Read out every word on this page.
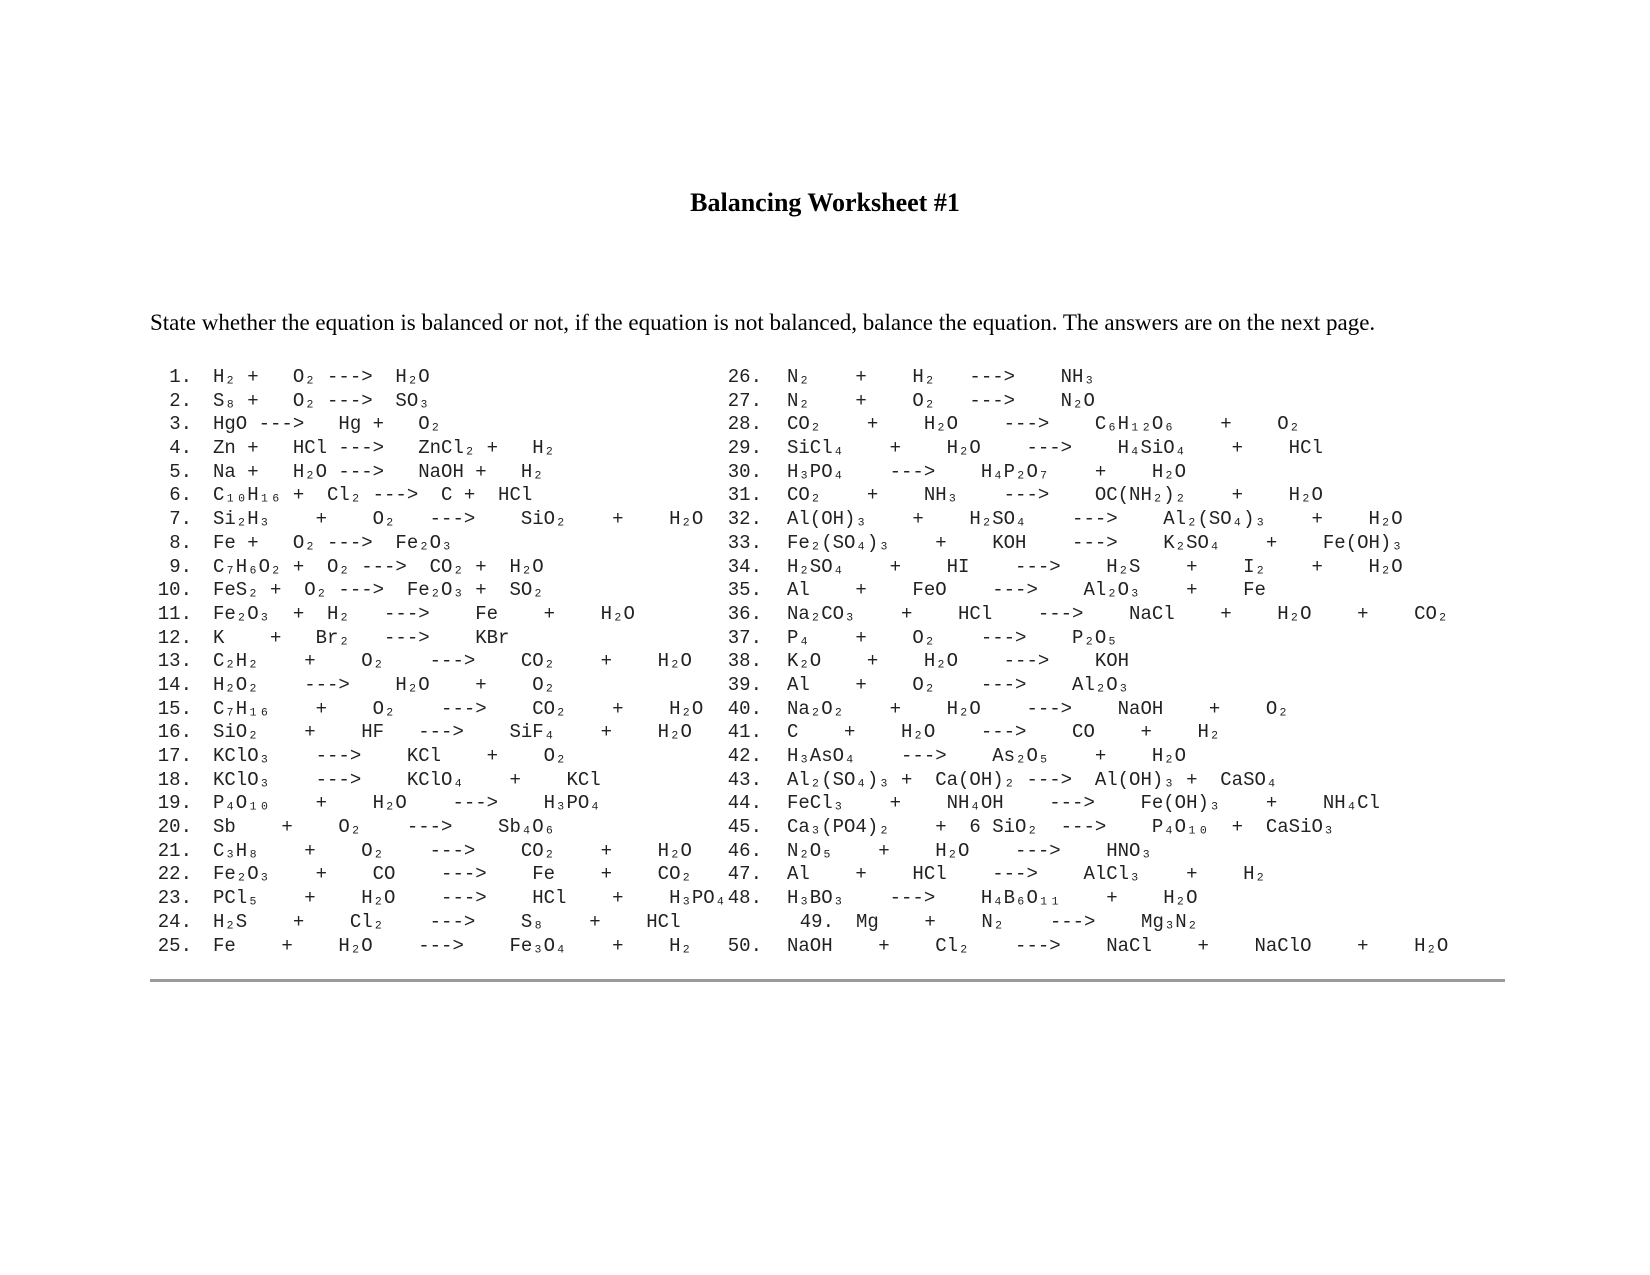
Balancing Worksheet #1
State whether the equation is balanced or not, if the equation is not balanced, balance the equation. The answers are on the next page.
1. H₂ +   O₂ --->  H₂O
2. S₈ +   O₂ --->  SO₃
3. HgO --->   Hg +   O₂
4. Zn +   HCl --->   ZnCl₂ +   H₂
5. Na +   H₂O --->   NaOH +   H₂
6. C₁₀H₁₆ +  Cl₂ --->  C +  HCl
7. Si₂H₃    +    O₂   --->    SiO₂    +    H₂O
8. Fe +   O₂ --->  Fe₂O₃
9. C₇H₆O₂ +  O₂ --->  CO₂ +  H₂O
10. FeS₂ +  O₂ --->  Fe₂O₃ +  SO₂
11. Fe₂O₃  +  H₂   --->    Fe    +    H₂O
12. K    +   Br₂   --->    KBr
13. C₂H₂    +    O₂    --->    CO₂    +    H₂O
14. H₂O₂    --->    H₂O    +    O₂
15. C₇H₁₆    +    O₂    --->    CO₂    +    H₂O
16. SiO₂    +    HF   --->    SiF₄    +    H₂O
17. KClO₃    --->    KCl    +    O₂
18. KClO₃    --->    KClO₄    +    KCl
19. P₄O₁₀    +    H₂O    --->    H₃PO₄
20. Sb    +    O₂    --->    Sb₄O₆
21. C₃H₈    +    O₂    --->    CO₂    +    H₂O
22. Fe₂O₃    +    CO    --->    Fe    +    CO₂
23. PCl₅    +    H₂O    --->    HCl    +    H₃PO₄
24. H₂S    +    Cl₂    --->    S₈    +    HCl
25. Fe    +    H₂O    --->    Fe₃O₄    +    H₂
26. N₂    +    H₂   --->    NH₃
27. N₂    +    O₂   --->    N₂O
28. CO₂    +    H₂O    --->    C₆H₁₂O₆    +    O₂
29. SiCl₄    +    H₂O    --->    H₄SiO₄    +    HCl
30. H₃PO₄    --->    H₄P₂O₇    +    H₂O
31. CO₂    +    NH₃    --->    OC(NH₂)₂    +    H₂O
32. Al(OH)₃    +    H₂SO₄    --->    Al₂(SO₄)₃    +    H₂O
33. Fe₂(SO₄)₃    +    KOH    --->    K₂SO₄    +    Fe(OH)₃
34. H₂SO₄    +    HI    --->    H₂S    +    I₂    +    H₂O
35. Al    +    FeO    --->    Al₂O₃    +    Fe
36. Na₂CO₃    +    HCl    --->    NaCl    +    H₂O    +    CO₂
37. P₄    +    O₂    --->    P₂O₅
38. K₂O    +    H₂O    --->    KOH
39. Al    +    O₂    --->    Al₂O₃
40. Na₂O₂    +    H₂O    --->    NaOH    +    O₂
41. C    +    H₂O    --->    CO    +    H₂
42. H₃AsO₄    --->    As₂O₅    +    H₂O
43. Al₂(SO₄)₃ +  Ca(OH)₂ --->  Al(OH)₃ +  CaSO₄
44. FeCl₃    +    NH₄OH    --->    Fe(OH)₃    +    NH₄Cl
45. Ca₃(PO4)₂    +  6 SiO₂  --->    P₄O₁₀  +  CaSiO₃
46. N₂O₅    +    H₂O    --->    HNO₃
47. Al    +    HCl    --->    AlCl₃    +    H₂
48. H₃BO₃    --->    H₄B₆O₁₁    +    H₂O
49. Mg    +    N₂    --->    Mg₃N₂
50. NaOH    +    Cl₂    --->    NaCl    +    NaClO    +    H₂O
